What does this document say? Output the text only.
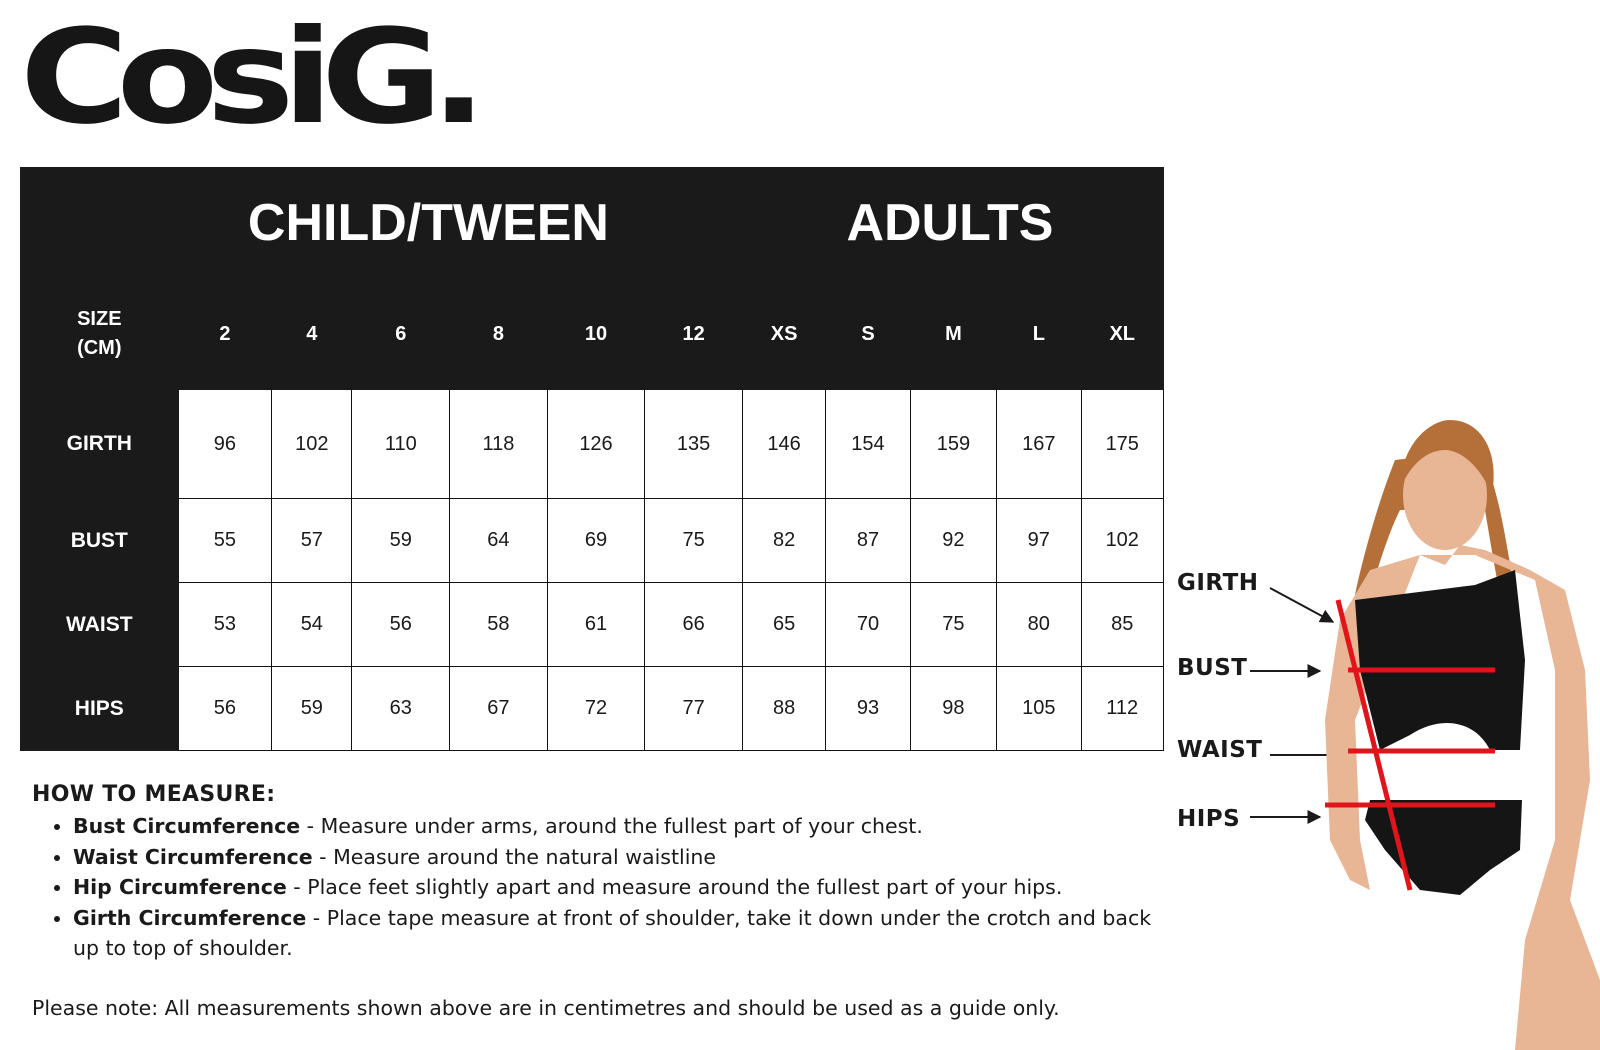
CosiG.
CHILD/TWEEN							ADULTS				
SIZE
(CM)	2	4	6	8	10	12	XS	S	M	L	XL
GIRTH	96	102	110	118	126	135	146	154	159	167	175
BUST	55	57	59	64	69	75	82	87	92	97	102
WAIST	53	54	56	58	61	66	65	70	75	80	85
HIPS	56	59	63	67	72	77	88	93	98	105	112
HOW TO MEASURE:
• Bust Circumference - Measure under arms, around the fullest part of your chest.
• Waist Circumference - Measure around the natural waistline
• Hip Circumference - Place feet slightly apart and measure around the fullest part of your hips.
• Girth Circumference - Place tape measure at front of shoulder, take it down under the crotch and back up to top of shoulder.
Please note: All measurements shown above are in centimetres and should be used as a guide only.
GIRTH
BUST
WAIST
HIPS
